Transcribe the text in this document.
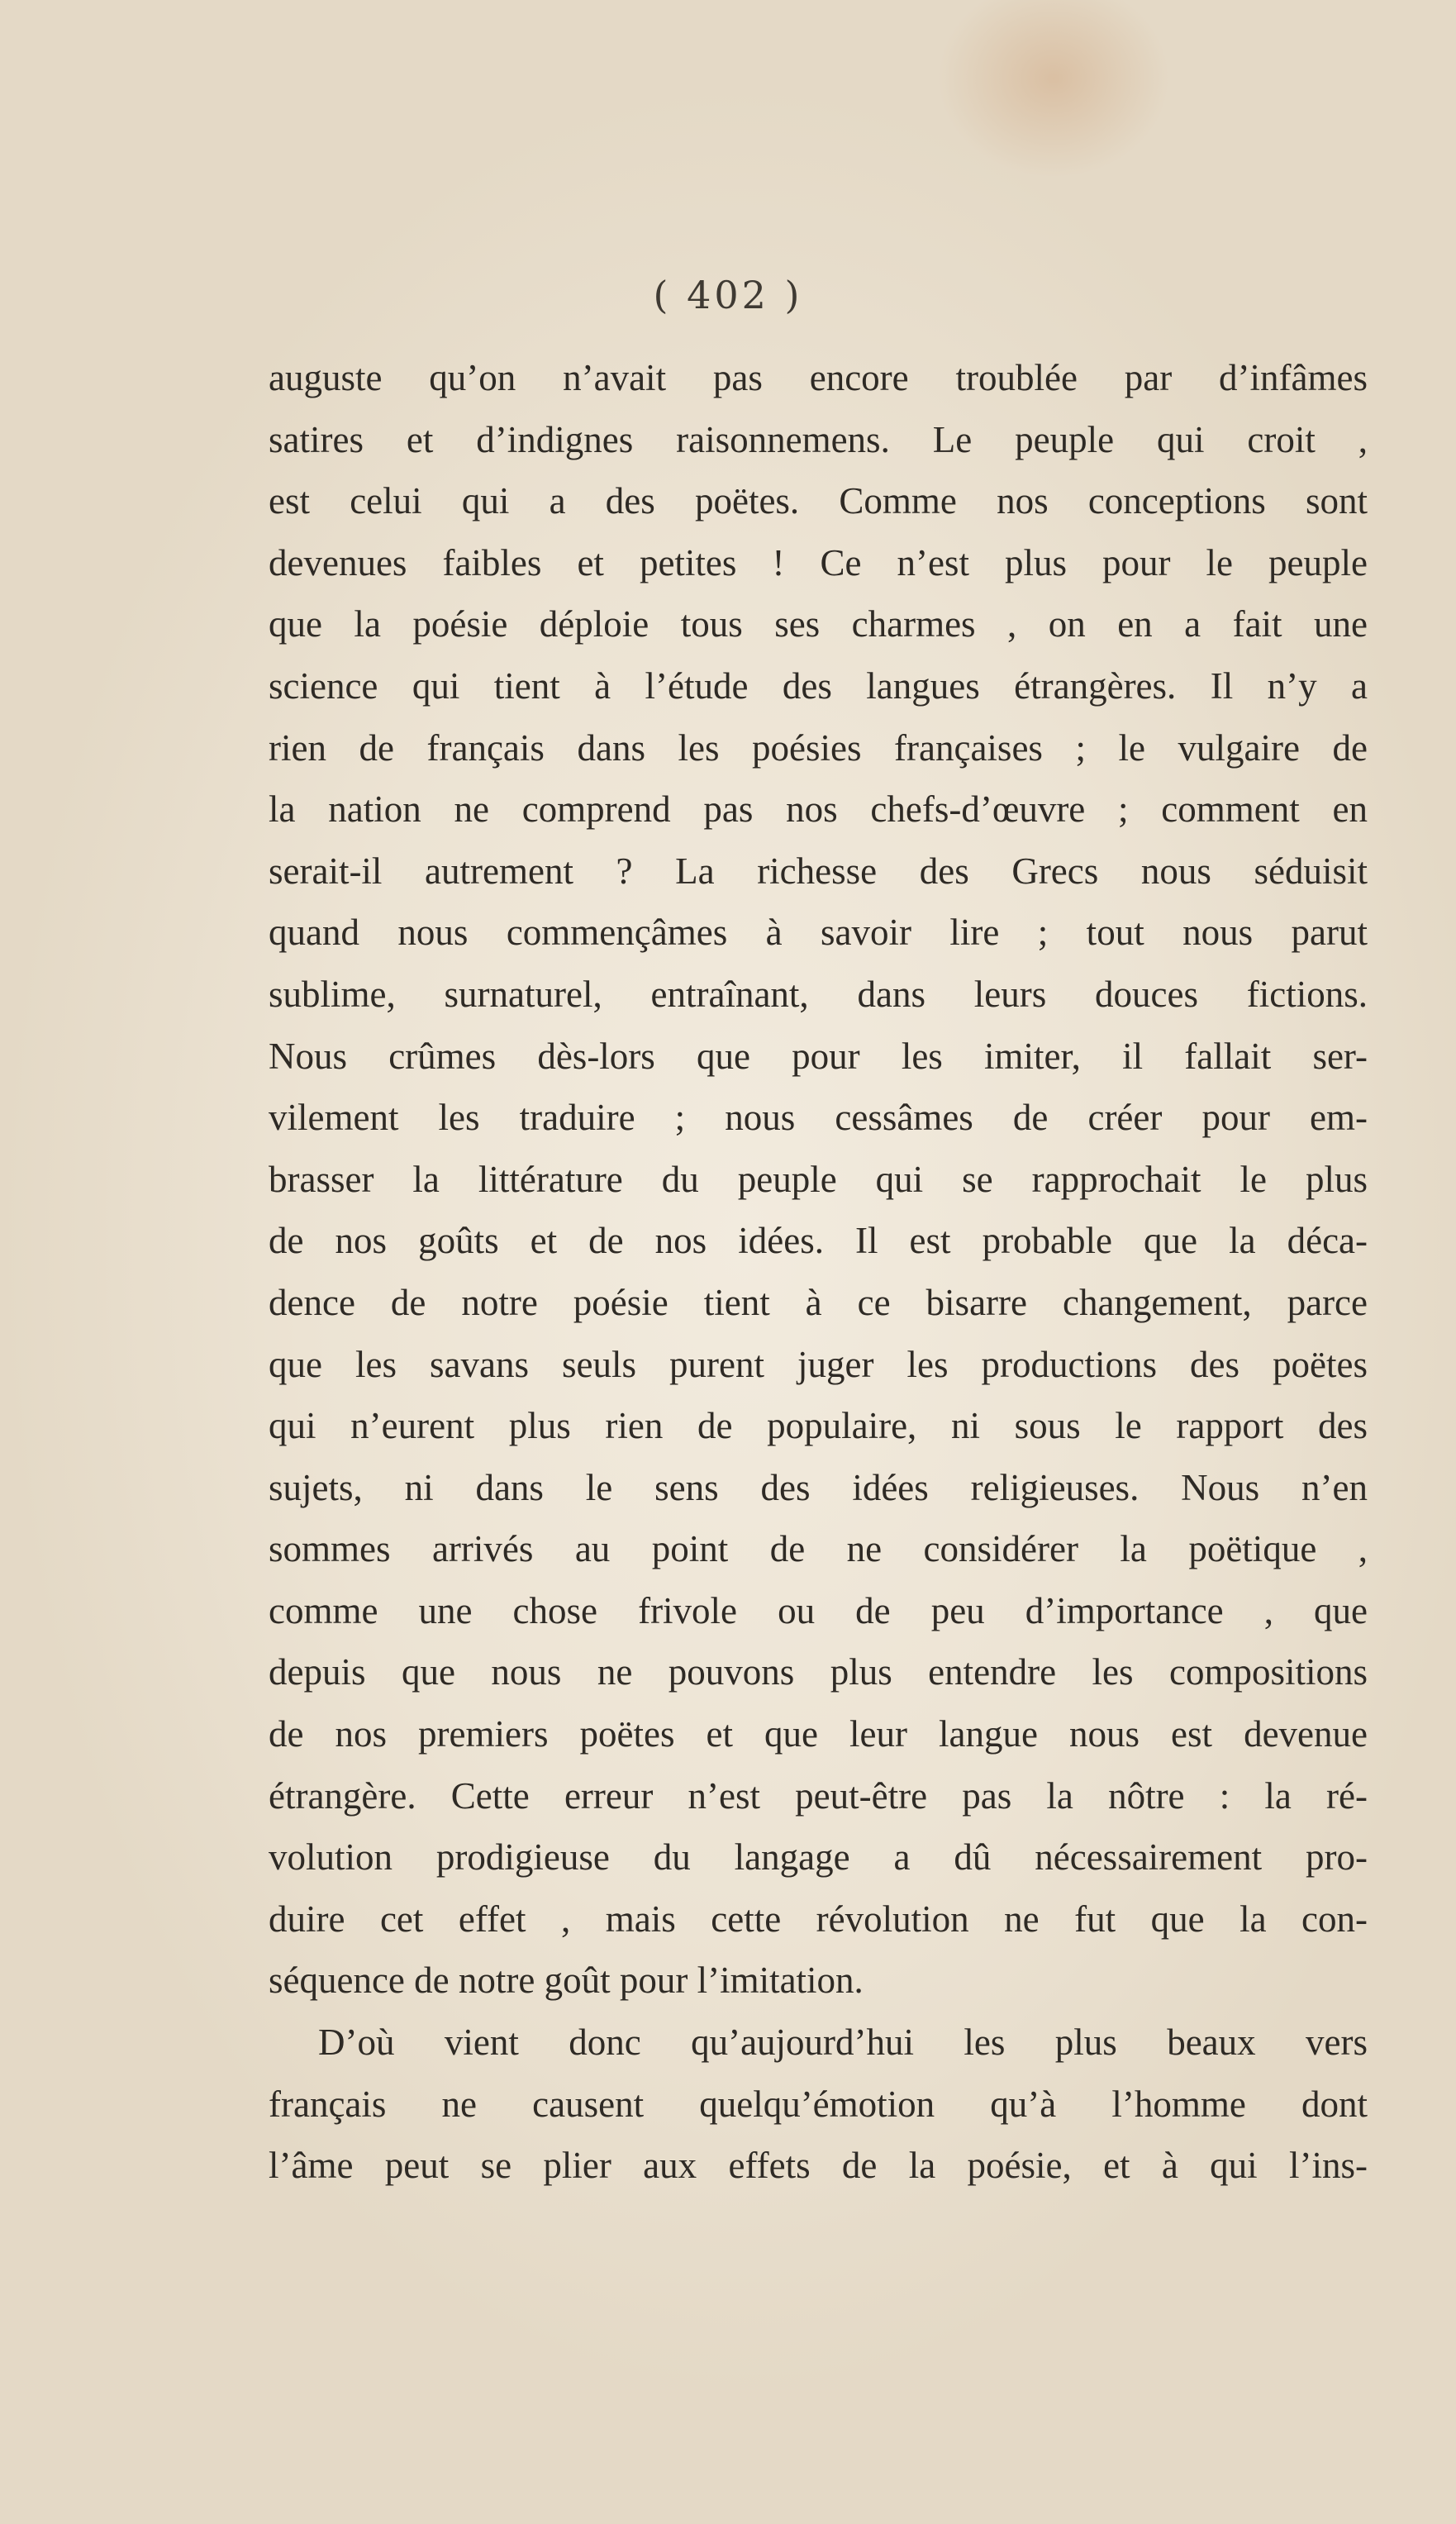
( 402 )
auguste qu’on n’avait pas encore troublée par d’infâmes
satires et d’indignes raisonnemens. Le peuple qui croit ,
est celui qui a des poëtes. Comme nos conceptions sont
devenues faibles et petites ! Ce n’est plus pour le peuple
que la poésie déploie tous ses charmes , on en a fait une
science qui tient à l’étude des langues étrangères. Il n’y a
rien de français dans les poésies françaises ; le vulgaire de
la nation ne comprend pas nos chefs-d’œuvre ; comment en
serait-il autrement ? La richesse des Grecs nous séduisit
quand nous commençâmes à savoir lire ; tout nous parut
sublime, surnaturel, entraînant, dans leurs douces fictions.
Nous crûmes dès-lors que pour les imiter, il fallait ser-
vilement les traduire ; nous cessâmes de créer pour em-
brasser la littérature du peuple qui se rapprochait le plus
de nos goûts et de nos idées. Il est probable que la déca-
dence de notre poésie tient à ce bisarre changement, parce
que les savans seuls purent juger les productions des poëtes
qui n’eurent plus rien de populaire, ni sous le rapport des
sujets, ni dans le sens des idées religieuses. Nous n’en
sommes arrivés au point de ne considérer la poëtique ,
comme une chose frivole ou de peu d’importance , que
depuis que nous ne pouvons plus entendre les compositions
de nos premiers poëtes et que leur langue nous est devenue
étrangère. Cette erreur n’est peut-être pas la nôtre : la ré-
volution prodigieuse du langage a dû nécessairement pro-
duire cet effet , mais cette révolution ne fut que la con-
séquence de notre goût pour l’imitation.
D’où vient donc qu’aujourd’hui les plus beaux vers
français ne causent quelqu’émotion qu’à l’homme dont
l’âme peut se plier aux effets de la poésie, et à qui l’ins-
